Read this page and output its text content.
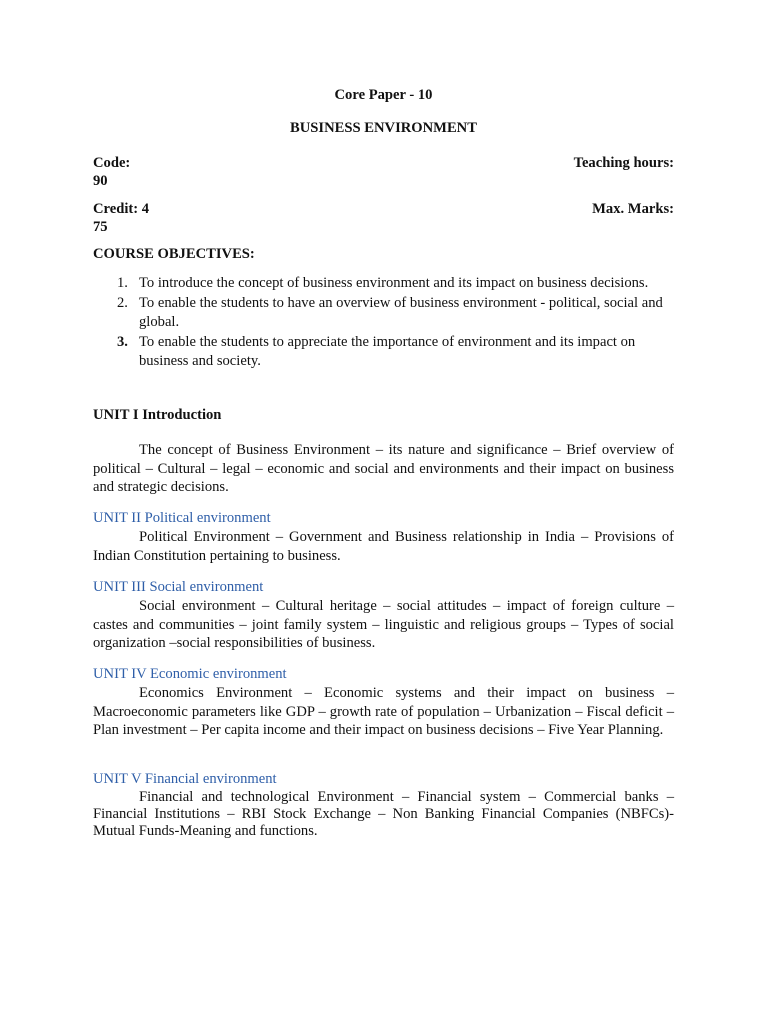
Core Paper - 10
BUSINESS ENVIRONMENT
Code:	Teaching hours:
90
Credit: 4	Max. Marks:
75
COURSE OBJECTIVES:
1. To introduce the concept of business environment and its impact on business decisions.
2. To enable the students to have an overview of business environment - political, social and global.
3. To enable the students to appreciate the importance of environment and its impact on business and society.
UNIT I Introduction
The concept of Business Environment – its nature and significance – Brief overview of political – Cultural – legal – economic and social and environments and their impact on business and strategic decisions.
UNIT II Political environment
Political Environment – Government and Business relationship in India – Provisions of Indian Constitution pertaining to business.
UNIT III Social environment
Social environment – Cultural heritage – social attitudes – impact of foreign culture – castes and communities – joint family system – linguistic and religious groups – Types of social organization –social responsibilities of business.
UNIT IV Economic environment
Economics Environment – Economic systems and their impact on business – Macroeconomic parameters like GDP – growth rate of population – Urbanization – Fiscal deficit – Plan investment – Per capita income and their impact on business decisions – Five Year Planning.
UNIT V Financial environment
Financial and technological Environment – Financial system – Commercial banks – Financial Institutions – RBI Stock Exchange – Non Banking Financial Companies (NBFCs)- Mutual Funds-Meaning and functions.
